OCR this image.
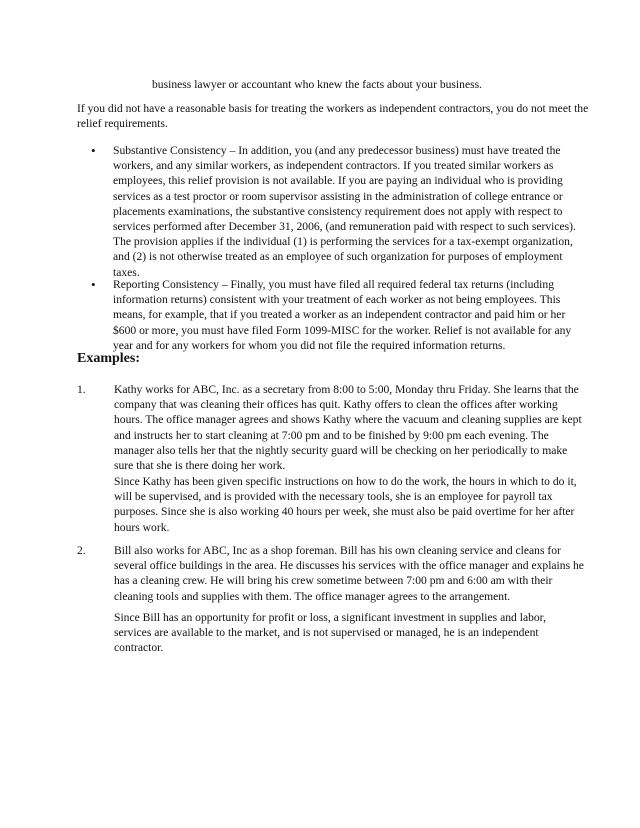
business lawyer or accountant who knew the facts about your business.

If you did not have a reasonable basis for treating the workers as independent contractors, you do not meet the relief requirements.

•	Substantive Consistency – In addition, you (and any predecessor business) must have treated the workers, and any similar workers, as independent contractors. If you treated similar workers as employees, this relief provision is not available. If you are paying an individual who is providing services as a test proctor or room supervisor assisting in the administration of college entrance or placements examinations, the substantive consistency requirement does not apply with respect to services performed after December 31, 2006, (and remuneration paid with respect to such services). The provision applies if the individual (1) is performing the services for a tax-exempt organization, and (2) is not otherwise treated as an employee of such organization for purposes of employment taxes.
•	Reporting Consistency – Finally, you must have filed all required federal tax returns (including information returns) consistent with your treatment of each worker as not being employees. This means, for example, that if you treated a worker as an independent contractor and paid him or her $600 or more, you must have filed Form 1099-MISC for the worker. Relief is not available for any year and for any workers for whom you did not file the required information returns.
Examples:
1.	Kathy works for ABC, Inc. as a secretary from 8:00 to 5:00, Monday thru Friday. She learns that the company that was cleaning their offices has quit. Kathy offers to clean the offices after working hours. The office manager agrees and shows Kathy where the vacuum and cleaning supplies are kept and instructs her to start cleaning at 7:00 pm and to be finished by 9:00 pm each evening. The manager also tells her that the nightly security guard will be checking on her periodically to make sure that she is there doing her work.

Since Kathy has been given specific instructions on how to do the work, the hours in which to do it, will be supervised, and is provided with the necessary tools, she is an employee for payroll tax purposes. Since she is also working 40 hours per week, she must also be paid overtime for her after hours work.

2.	Bill also works for ABC, Inc as a shop foreman. Bill has his own cleaning service and cleans for several office buildings in the area. He discusses his services with the office manager and explains he has a cleaning crew. He will bring his crew sometime between 7:00 pm and 6:00 am with their cleaning tools and supplies with them. The office manager agrees to the arrangement.

Since Bill has an opportunity for profit or loss, a significant investment in supplies and labor, services are available to the market, and is not supervised or managed, he is an independent contractor.
